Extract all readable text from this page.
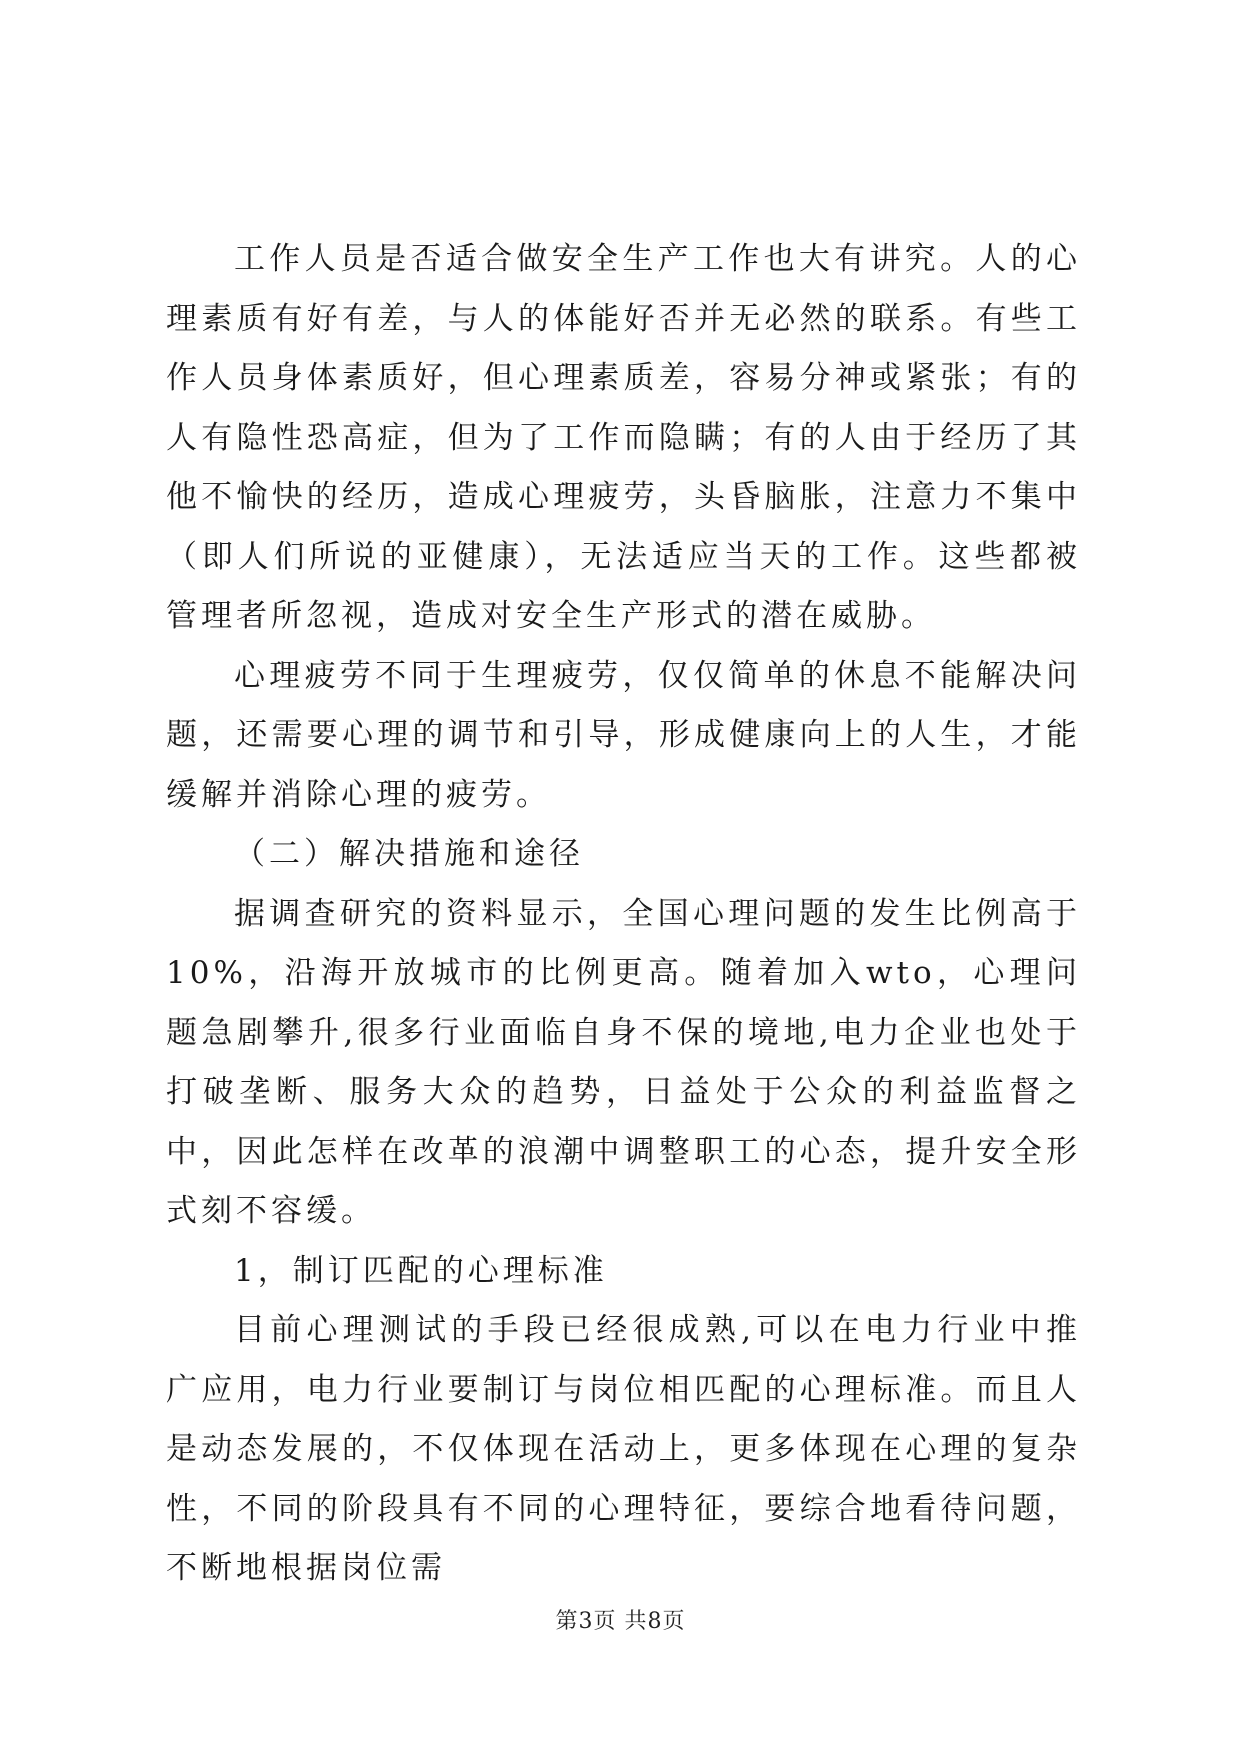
工作人员是否适合做安全生产工作也大有讲究。人的心理素质有好有差，与人的体能好否并无必然的联系。有些工作人员身体素质好，但心理素质差，容易分神或紧张；有的人有隐性恐高症，但为了工作而隐瞒；有的人由于经历了其他不愉快的经历，造成心理疲劳，头昏脑胀，注意力不集中（即人们所说的亚健康），无法适应当天的工作。这些都被管理者所忽视，造成对安全生产形式的潜在威胁。

心理疲劳不同于生理疲劳，仅仅简单的休息不能解决问题，还需要心理的调节和引导，形成健康向上的人生，才能缓解并消除心理的疲劳。

（二）解决措施和途径

据调查研究的资料显示，全国心理问题的发生比例高于10%，沿海开放城市的比例更高。随着加入wto，心理问题急剧攀升,很多行业面临自身不保的境地,电力企业也处于打破垄断、服务大众的趋势，日益处于公众的利益监督之中，因此怎样在改革的浪潮中调整职工的心态，提升安全形式刻不容缓。

1，制订匹配的心理标准

目前心理测试的手段已经很成熟,可以在电力行业中推广应用，电力行业要制订与岗位相匹配的心理标准。而且人是动态发展的，不仅体现在活动上，更多体现在心理的复杂性，不同的阶段具有不同的心理特征，要综合地看待问题，不断地根据岗位需

第3页 共8页
